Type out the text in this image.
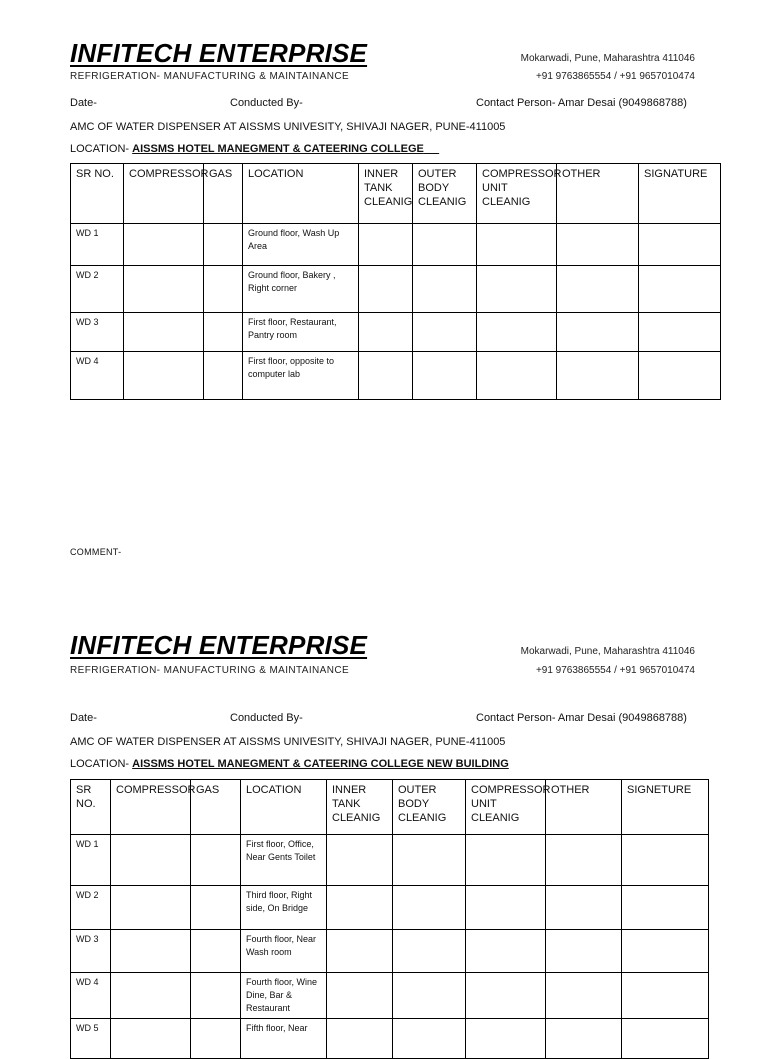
INFITECH ENTERPRISE	Mokarwadi, Pune, Maharashtra 411046
REFRIGERATION- MANUFACTURING & MAINTAINANCE	+91 9763865554 / +91 9657010474
Date-	Conducted By-	Contact Person- Amar Desai (9049868788)
AMC OF WATER DISPENSER AT AISSMS UNIVESITY, SHIVAJI NAGER, PUNE-411005
LOCATION- AISSMS HOTEL MANEGMENT & CATEERING COLLEGE
SR NO.	COMPRESSOR	GAS	LOCATION	INNER TANK CLEANIG	OUTER BODY CLEANIG	COMPRESSOR UNIT CLEANIG	OTHER	SIGNATURE
WD 1			Ground floor, Wash Up Area					
WD 2			Ground floor, Bakery , Right corner					
WD 3			First floor, Restaurant, Pantry room					
WD 4			First floor, opposite to computer lab					
COMMENT-
INFITECH ENTERPRISE	Mokarwadi, Pune, Maharashtra 411046
REFRIGERATION- MANUFACTURING & MAINTAINANCE	+91 9763865554 / +91 9657010474
Date-	Conducted By-	Contact Person- Amar Desai (9049868788)
AMC OF WATER DISPENSER AT AISSMS UNIVESITY, SHIVAJI NAGER, PUNE-411005
LOCATION- AISSMS HOTEL MANEGMENT & CATEERING COLLEGE NEW BUILDING
SR NO.	COMPRESSOR	GAS	LOCATION	INNER TANK CLEANIG	OUTER BODY CLEANIG	COMPRESSOR UNIT CLEANIG	OTHER	SIGNETURE
WD 1			First floor, Office, Near Gents Toilet					
WD 2			Third floor, Right side, On Bridge					
WD 3			Fourth floor, Near Wash room					
WD 4			Fourth floor, Wine Dine, Bar & Restaurant					
WD 5			Fifth floor, Near					
